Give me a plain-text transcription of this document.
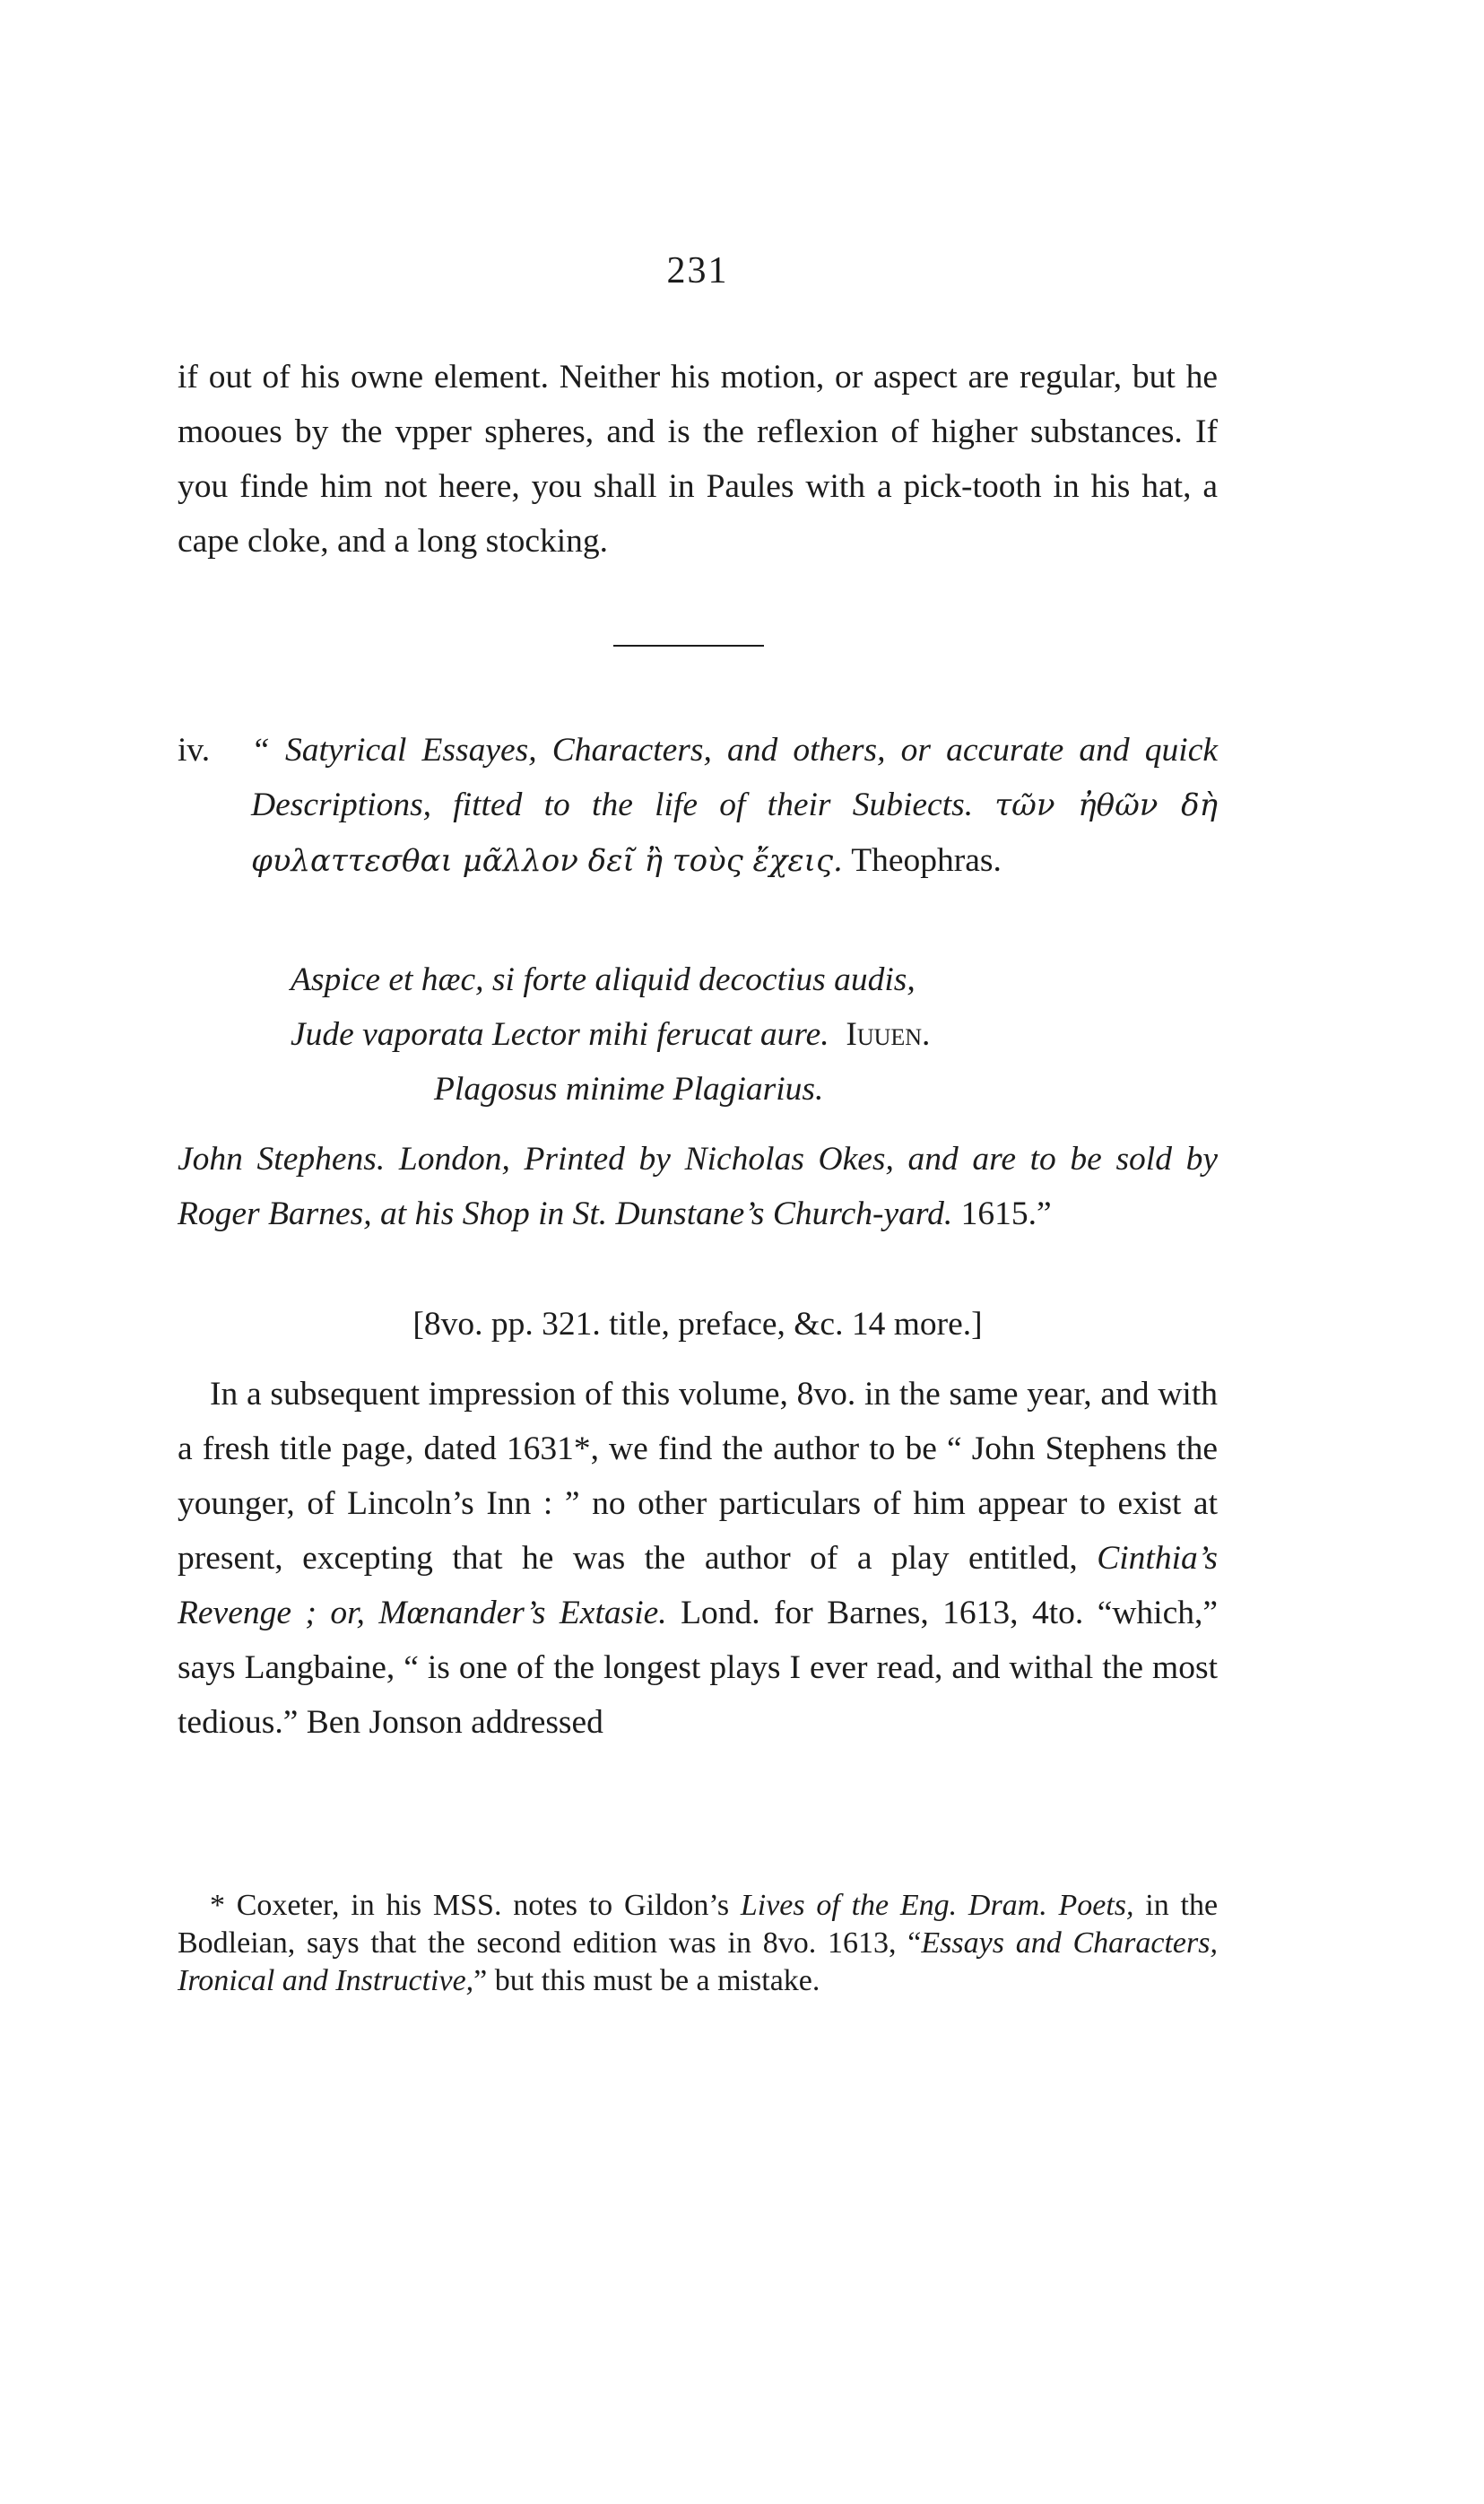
231

if out of his owne element. Neither his motion, or aspect are regular, but he mooues by the vpper spheres, and is the reflexion of higher substances. If you finde him not heere, you shall in Paules with a pick-tooth in his hat, a cape cloke, and a long stocking.

iv.	“ Satyrical Essayes, Characters, and others, or accurate and quick Descriptions, fitted to the life of their Subiects. τῶν ἠθῶν δὴ φυλαττεσθαι μᾶλλον δεῖ ἢ τοὺς ἔχεις. Theophras.
Aspice et hæc, si forte aliquid decoctius audis,
Jude vaporata Lector mihi ferucat aure. Iuuen.
Plagosus minime Plagiarius.
John Stephens. London, Printed by Nicholas Okes, and are to be sold by Roger Barnes, at his Shop in St. Dunstane’s Church-yard. 1615.”
[8vo. pp. 321. title, preface, &c. 14 more.]

In a subsequent impression of this volume, 8vo. in the same year, and with a fresh title page, dated 1631*, we find the author to be “ John Stephens the younger, of Lincoln’s Inn : ” no other particulars of him appear to exist at present, excepting that he was the author of a play entitled, Cinthia’s Revenge ; or, Mœnander’s Extasie. Lond. for Barnes, 1613, 4to. “which,” says Langbaine, “ is one of the longest plays I ever read, and withal the most tedious.” Ben Jonson addressed

* Coxeter, in his MSS. notes to Gildon’s Lives of the Eng. Dram. Poets, in the Bodleian, says that the second edition was in 8vo. 1613, “Essays and Characters, Ironical and Instructive,” but this must be a mistake.
